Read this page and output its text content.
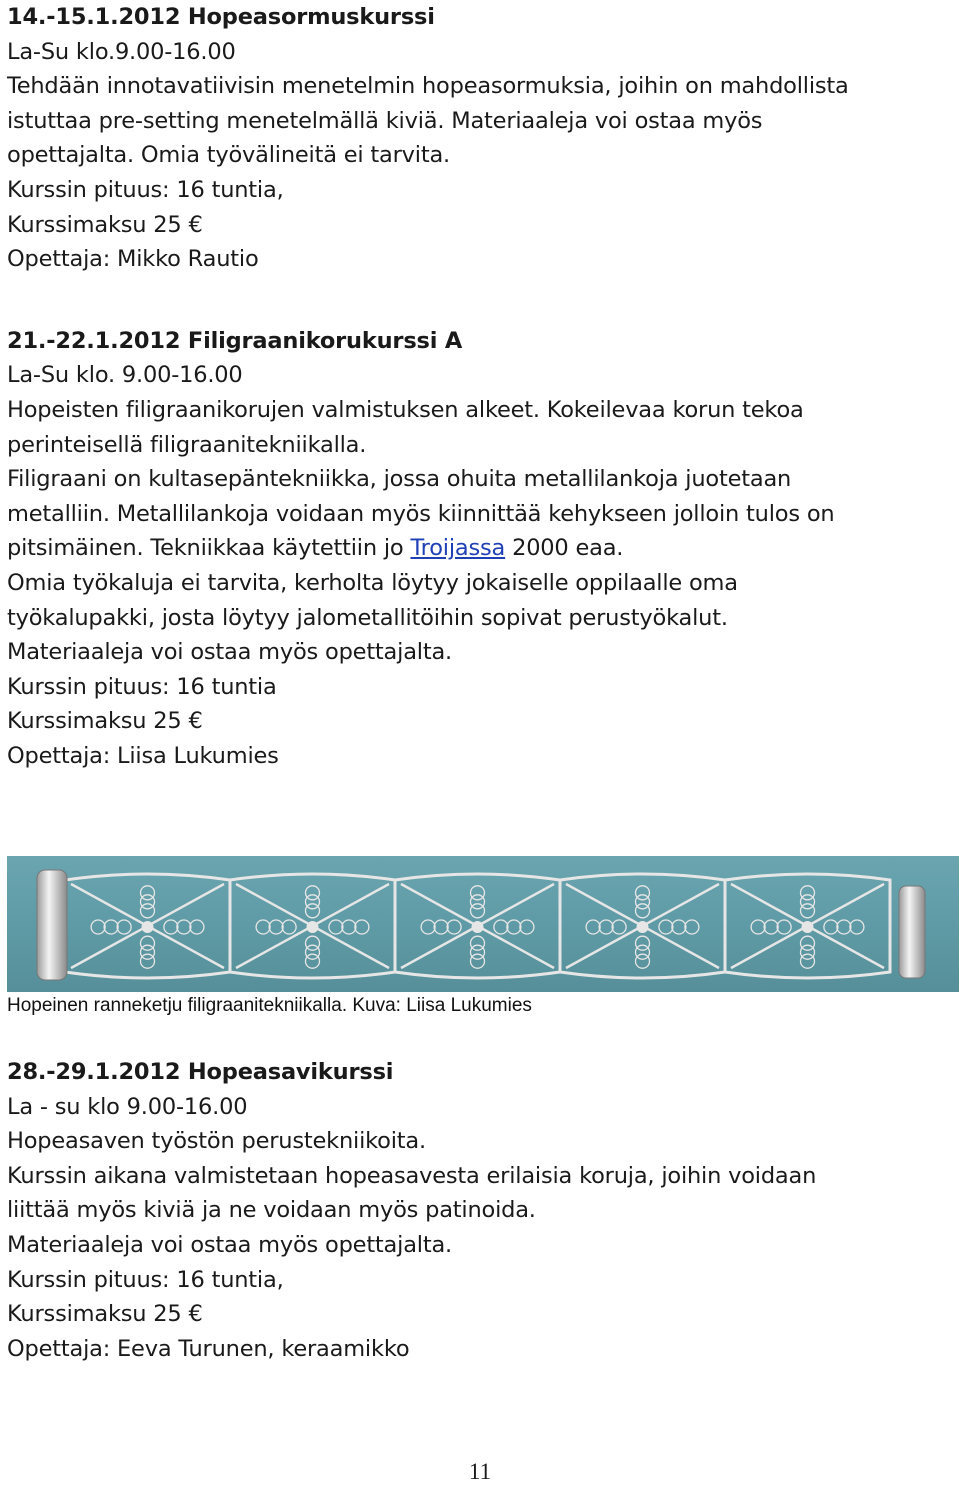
14.-15.1.2012 Hopeasormuskurssi
La-Su klo.9.00-16.00
Tehdään innotavatiivisin menetelmin hopeasormuksia, joihin on mahdollista
istuttaa pre-setting menetelmällä kiviä. Materiaaleja voi ostaa myös
opettajalta. Omia työvälineitä ei tarvita.
Kurssin pituus: 16 tuntia,
Kurssimaksu 25 €
Opettaja: Mikko Rautio
21.-22.1.2012 Filigraanikorukurssi A
La-Su klo. 9.00-16.00
Hopeisten filigraanikorujen valmistuksen alkeet. Kokeilevaa korun tekoa
perinteisellä filigraanitekniikalla.
Filigraani on kultasepäntekniikka, jossa ohuita metallilankoja juotetaan
metalliin. Metallilankoja voidaan myös kiinnittää kehykseen jolloin tulos on
pitsimäinen. Tekniikkaa käytettiin jo Troijassa 2000 eaa.
Omia työkaluja ei tarvita, kerholta löytyy jokaiselle oppilaalle oma
työkalupakki, josta löytyy jalometallitöihin sopivat perustyökalut.
Materiaaleja voi ostaa myös opettajalta.
Kurssin pituus: 16 tuntia
Kurssimaksu 25 €
Opettaja: Liisa Lukumies
Hopeinen ranneketju filigraanitekniikalla. Kuva: Liisa Lukumies
28.-29.1.2012 Hopeasavikurssi
La - su klo 9.00-16.00
Hopeasaven työstön perustekniikoita.
Kurssin aikana valmistetaan hopeasavesta erilaisia koruja, joihin voidaan
liittää myös kiviä ja ne voidaan myös patinoida.
Materiaaleja voi ostaa myös opettajalta.
Kurssin pituus: 16 tuntia,
Kurssimaksu 25 €
Opettaja: Eeva Turunen, keraamikko
11
